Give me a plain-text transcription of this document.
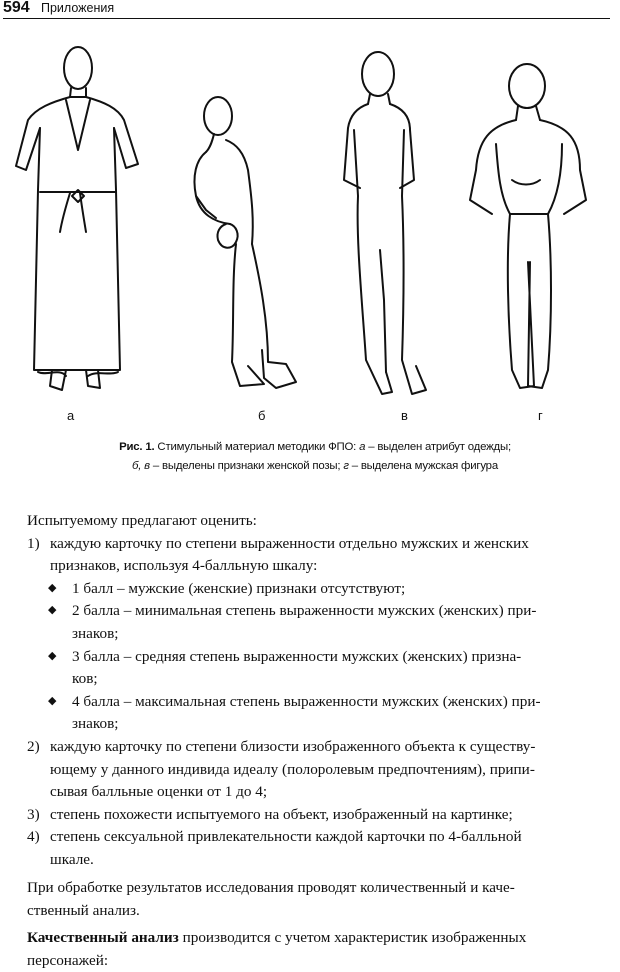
594 Приложения
а	б	в	г
Рис. 1. Стимульный материал методики ФПО: а – выделен атрибут одежды;
б, в – выделены признаки женской позы; г – выделена мужская фигура
Испытуемому предлагают оценить:
1) каждую карточку по степени выраженности отдельно мужских и женских
признаков, используя 4-балльную шкалу:
◆ 1 балл – мужские (женские) признаки отсутствуют;
◆ 2 балла – минимальная степень выраженности мужских (женских) при-
знаков;
◆ 3 балла – средняя степень выраженности мужских (женских) призна-
ков;
◆ 4 балла – максимальная степень выраженности мужских (женских) при-
знаков;
2) каждую карточку по степени близости изображенного объекта к существу-
ющему у данного индивида идеалу (полоролевым предпочтениям), припи-
сывая балльные оценки от 1 до 4;
3) степень похожести испытуемого на объект, изображенный на картинке;
4) степень сексуальной привлекательности каждой карточки по 4-балльной
шкале.
При обработке результатов исследования проводят количественный и каче-
ственный анализ.
Качественный анализ производится с учетом характеристик изображенных
персонажей:
